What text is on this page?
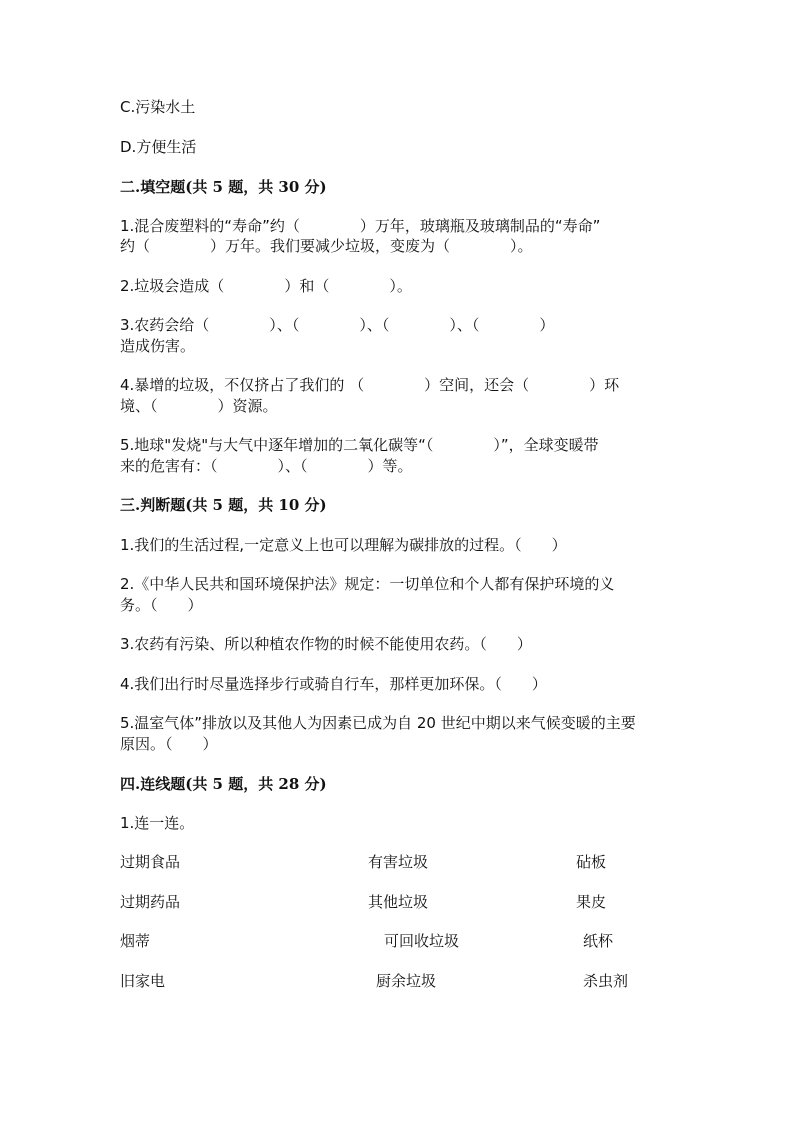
C.污染水土
D.方便生活
二.填空题(共 5 题，共 30 分)
1.混合废塑料的“寿命”约（　　　　）万年，玻璃瓶及玻璃制品的“寿命”
约（　　　　）万年。我们要减少垃圾，变废为（　　　　）。
2.垃圾会造成（　　　　）和（　　　　）。
3.农药会给（　　　　）、（　　　　）、（　　　　）、（　　　　）
造成伤害。
4.暴增的垃圾，不仅挤占了我们的 （　　　　）空间，还会（　　　　）环
境、（　　　　）资源。
5.地球"发烧"与大气中逐年增加的二氧化碳等“（　　　　）”，全球变暖带
来的危害有：（　　　　）、（　　　　）等。
三.判断题(共 5 题，共 10 分)
1.我们的生活过程,一定意义上也可以理解为碳排放的过程。（　　）
2.《中华人民共和国环境保护法》规定：一切单位和个人都有保护环境的义
务。（　　）
3.农药有污染、所以种植农作物的时候不能使用农药。（　　）
4.我们出行时尽量选择步行或骑自行车，那样更加环保。（　　）
5.温室气体”排放以及其他人为因素已成为自 20 世纪中期以来气候变暖的主要
原因。（　　）
四.连线题(共 5 题，共 28 分)
1.连一连。
过期食品	有害垃圾	砧板
过期药品	其他垃圾	果皮
烟蒂	可回收垃圾	纸杯
旧家电	厨余垃圾	杀虫剂
